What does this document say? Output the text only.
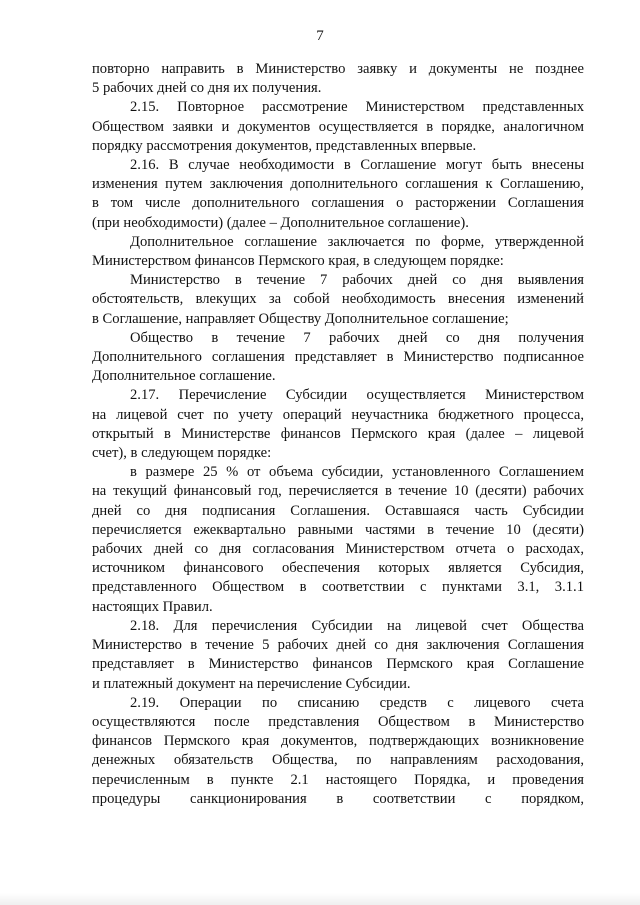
7
повторно направить в Министерство заявку и документы не позднее
5 рабочих дней со дня их получения.
2.15. Повторное рассмотрение Министерством представленных
Обществом заявки и документов осуществляется в порядке, аналогичном
порядку рассмотрения документов, представленных впервые.
2.16. В случае необходимости в Соглашение могут быть внесены
изменения путем заключения дополнительного соглашения к Соглашению,
в том числе дополнительного соглашения о расторжении Соглашения
(при необходимости) (далее – Дополнительное соглашение).
Дополнительное соглашение заключается по форме, утвержденной
Министерством финансов Пермского края, в следующем порядке:
Министерство в течение 7 рабочих дней со дня выявления
обстоятельств, влекущих за собой необходимость внесения изменений
в Соглашение, направляет Обществу Дополнительное соглашение;
Общество в течение 7 рабочих дней со дня получения
Дополнительного соглашения представляет в Министерство подписанное
Дополнительное соглашение.
2.17. Перечисление Субсидии осуществляется Министерством
на лицевой счет по учету операций неучастника бюджетного процесса,
открытый в Министерстве финансов Пермского края (далее – лицевой
счет), в следующем порядке:
в размере 25 % от объема субсидии, установленного Соглашением
на текущий финансовый год, перечисляется в течение 10 (десяти) рабочих
дней со дня подписания Соглашения. Оставшаяся часть Субсидии
перечисляется ежеквартально равными частями в течение 10 (десяти)
рабочих дней со дня согласования Министерством отчета о расходах,
источником финансового обеспечения которых является Субсидия,
представленного Обществом в соответствии с пунктами 3.1, 3.1.1
настоящих Правил.
2.18. Для перечисления Субсидии на лицевой счет Общества
Министерство в течение 5 рабочих дней со дня заключения Соглашения
представляет в Министерство финансов Пермского края Соглашение
и платежный документ на перечисление Субсидии.
2.19. Операции по списанию средств с лицевого счета
осуществляются после представления Обществом в Министерство
финансов Пермского края документов, подтверждающих возникновение
денежных обязательств Общества, по направлениям расходования,
перечисленным в пункте 2.1 настоящего Порядка, и проведения
процедуры санкционирования в соответствии с порядком,
